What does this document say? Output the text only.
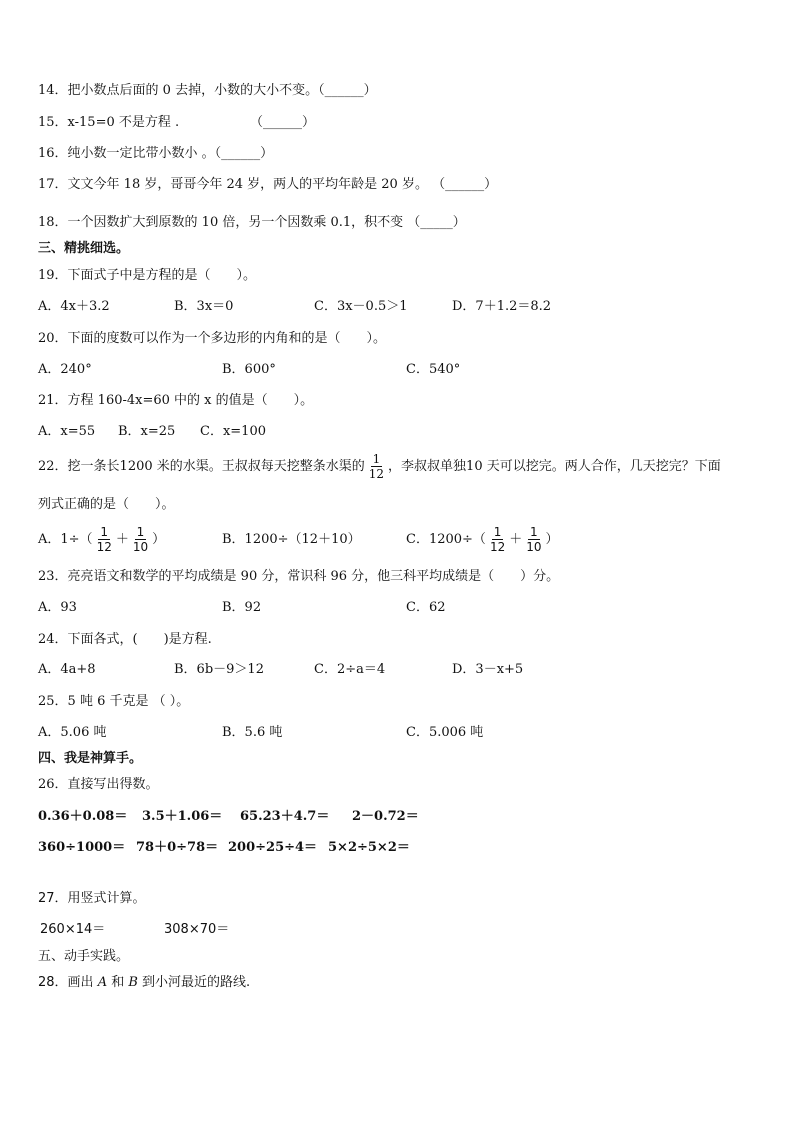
14．把小数点后面的 0 去掉，小数的大小不变。（______）
15．x-15=0 不是方程 .	（______）
16．纯小数一定比带小数小 。（______）
17．文文今年 18 岁，哥哥今年 24 岁，两人的平均年龄是 20 岁。 （______）
18．一个因数扩大到原数的 10 倍，另一个因数乘 0.1，积不变 （_____）
三、精挑细选。
19．下面式子中是方程的是（　　）。
A．4x＋3.2	B．3x＝0	C．3x－0.5＞1	D．7＋1.2＝8.2
20．下面的度数可以作为一个多边形的内角和的是（　　）。
A．240°	B．600°	C．540°
21．方程 160-4x=60 中的 x 的值是（　　）。
A．x=55 B．x=25 C．x=100
22．挖一条长1200 米的水渠。王叔叔每天挖整条水渠的 $\frac{1}{12}$ ，李叔叔单独10 天可以挖完。两人合作，几天挖完？下面
列式正确的是（　　）。
A．$1\div( \frac{1}{12} + \frac{1}{10}$ ）	B．1200÷（12＋10）	C．$1200\div( \frac{1}{12} + \frac{1}{10}$ ）
23．亮亮语文和数学的平均成绩是 90 分，常识科 96 分，他三科平均成绩是（　　）分。
A．93	B．92	C．62
24．下面各式，(　　)是方程.
A．4a+8	B．6b－9＞12	C．2÷a＝4	D．3－x+5
25．5 吨 6 千克是 （ ）。
A．5.06 吨	B．5.6 吨	C．5.006 吨
四、我是神算手。
26．直接写出得数。
0.36＋0.08＝ 3.5＋1.06＝ 65.23＋4.7＝ 2－0.72＝
360÷1000＝ 78＋0÷78＝ 200÷25÷4＝ 5×2÷5×2＝
27．用竖式计算。
260×14＝	308×70＝
五、动手实践。
28．画出 A 和 B 到小河最近的路线.
